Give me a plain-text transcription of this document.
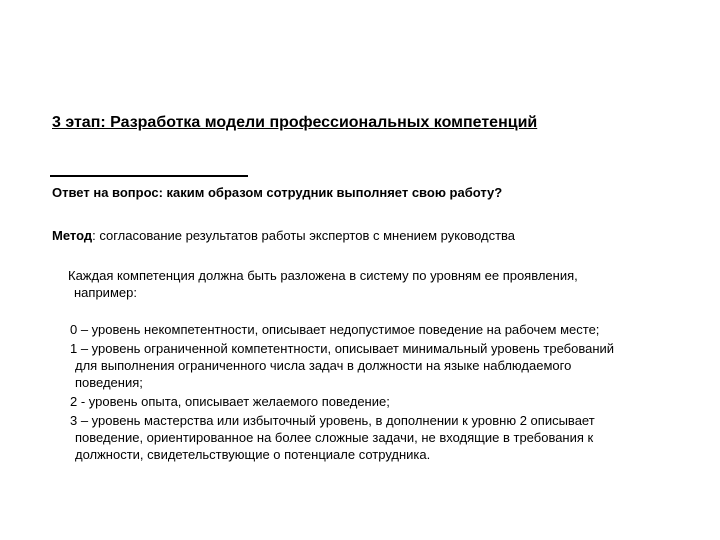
3 этап: Разработка модели профессиональных компетенций
Ответ на вопрос: каким образом сотрудник выполняет свою работу?
Метод: согласование результатов работы экспертов с мнением руководства
Каждая компетенция должна быть разложена в систему по уровням ее проявления,
например:
0 – уровень некомпетентности, описывает недопустимое поведение на рабочем месте;
1 – уровень ограниченной компетентности, описывает минимальный уровень требований
для выполнения ограниченного числа задач в должности на языке наблюдаемого
поведения;
2 - уровень опыта, описывает желаемого поведение;
3 – уровень мастерства или избыточный уровень, в дополнении к уровню 2 описывает
поведение, ориентированное на более сложные задачи, не входящие в требования к
должности, свидетельствующие о потенциале сотрудника.
